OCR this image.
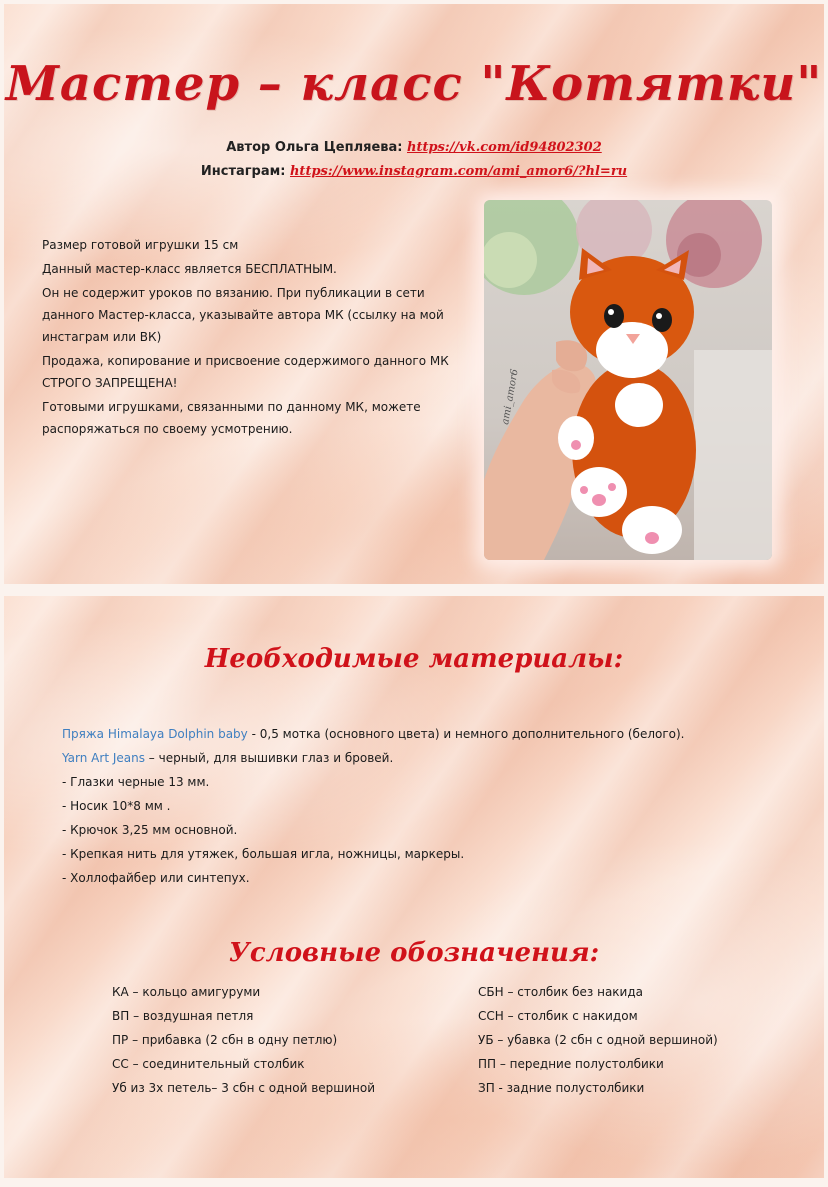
Мастер – класс "Котятки"
Автор Ольга Цепляева: https://vk.com/id94802302
Инстаграм: https://www.instagram.com/ami_amor6/?hl=ru
Размер готовой игрушки 15 см
Данный мастер-класс является БЕСПЛАТНЫМ.
Он не содержит уроков по вязанию. При публикации в сети данного Мастер-класса, указывайте автора МК (ссылку на мой инстаграм или ВК)
Продажа, копирование и присвоение содержимого данного МК СТРОГО ЗАПРЕЩЕНА!
Готовыми игрушками, связанными по данному МК, можете распоряжаться по своему усмотрению.
ami_amor6
Необходимые материалы:
Пряжа Himalaya Dolphin baby - 0,5 мотка (основного цвета) и немного дополнительного (белого).
Yarn Art Jeans – черный, для вышивки глаз и бровей.
- Глазки черные 13 мм.
- Носик 10*8 мм .
- Крючок 3,25 мм основной.
- Крепкая нить для утяжек, большая игла, ножницы, маркеры.
- Холлофайбер или синтепух.
Условные обозначения:
КА – кольцо амигуруми
ВП – воздушная петля
ПР – прибавка (2 сбн в одну петлю)
СС – соединительный столбик
Уб из 3х петель– 3 сбн с одной вершиной
СБН – столбик без накида
ССН – столбик с накидом
УБ – убавка (2 сбн с одной вершиной)
ПП – передние полустолбики
ЗП - задние полустолбики
